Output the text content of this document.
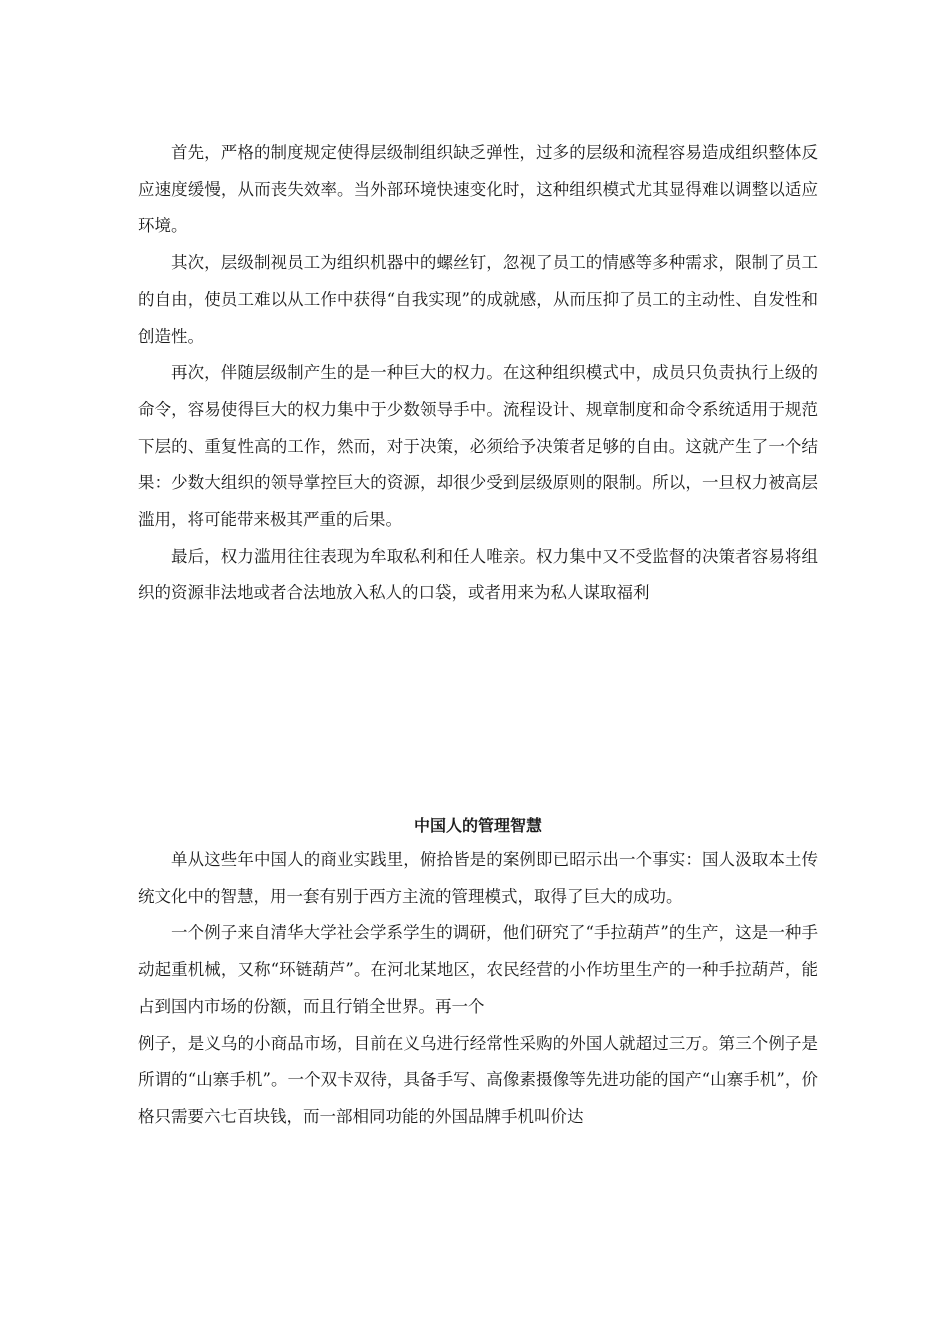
首先，严格的制度规定使得层级制组织缺乏弹性，过多的层级和流程容易造成组织整体反应速度缓慢，从而丧失效率。当外部环境快速变化时，这种组织模式尤其显得难以调整以适应环境。

其次，层级制视员工为组织机器中的螺丝钉，忽视了员工的情感等多种需求，限制了员工的自由，使员工难以从工作中获得“自我实现”的成就感，从而压抑了员工的主动性、自发性和创造性。

再次，伴随层级制产生的是一种巨大的权力。在这种组织模式中，成员只负责执行上级的命令，容易使得巨大的权力集中于少数领导手中。流程设计、规章制度和命令系统适用于规范下层的、重复性高的工作，然而，对于决策，必须给予决策者足够的自由。这就产生了一个结果：少数大组织的领导掌控巨大的资源，却很少受到层级原则的限制。所以，一旦权力被高层滥用，将可能带来极其严重的后果。

最后，权力滥用往往表现为牟取私利和任人唯亲。权力集中又不受监督的决策者容易将组织的资源非法地或者合法地放入私人的口袋，或者用来为私人谋取福利

中国人的管理智慧

单从这些年中国人的商业实践里，俯拾皆是的案例即已昭示出一个事实：国人汲取本土传统文化中的智慧，用一套有别于西方主流的管理模式，取得了巨大的成功。

一个例子来自清华大学社会学系学生的调研，他们研究了“手拉葫芦”的生产，这是一种手动起重机械，又称“环链葫芦”。在河北某地区，农民经营的小作坊里生产的一种手拉葫芦，能占到国内市场的份额，而且行销全世界。再一个

例子，是义乌的小商品市场，目前在义乌进行经常性采购的外国人就超过三万。第三个例子是所谓的“山寨手机”。一个双卡双待，具备手写、高像素摄像等先进功能的国产“山寨手机”，价格只需要六七百块钱，而一部相同功能的外国品牌手机叫价达
